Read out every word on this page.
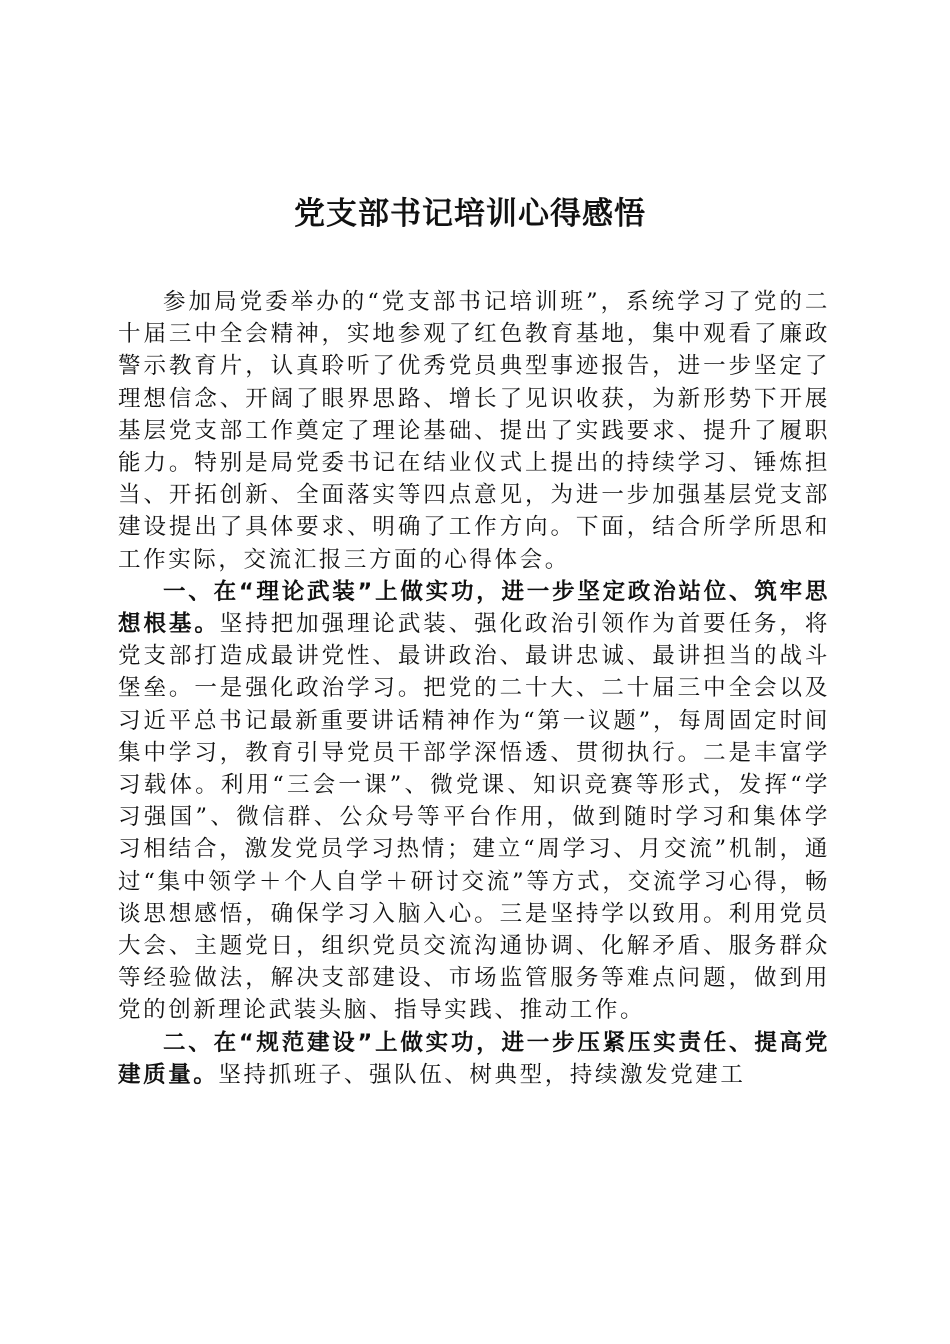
党支部书记培训心得感悟

参加局党委举办的“党支部书记培训班”，系统学习了党的二十届三中全会精神，实地参观了红色教育基地，集中观看了廉政警示教育片，认真聆听了优秀党员典型事迹报告，进一步坚定了理想信念、开阔了眼界思路、增长了见识收获，为新形势下开展基层党支部工作奠定了理论基础、提出了实践要求、提升了履职能力。特别是局党委书记在结业仪式上提出的持续学习、锤炼担当、开拓创新、全面落实等四点意见，为进一步加强基层党支部建设提出了具体要求、明确了工作方向。下面，结合所学所思和工作实际，交流汇报三方面的心得体会。

一、在“理论武装”上做实功，进一步坚定政治站位、筑牢思想根基。坚持把加强理论武装、强化政治引领作为首要任务，将党支部打造成最讲党性、最讲政治、最讲忠诚、最讲担当的战斗堡垒。一是强化政治学习。把党的二十大、二十届三中全会以及习近平总书记最新重要讲话精神作为“第一议题”，每周固定时间集中学习，教育引导党员干部学深悟透、贯彻执行。二是丰富学习载体。利用“三会一课”、微党课、知识竞赛等形式，发挥“学习强国”、微信群、公众号等平台作用，做到随时学习和集体学习相结合，激发党员学习热情；建立“周学习、月交流”机制，通过“集中领学＋个人自学＋研讨交流”等方式，交流学习心得，畅谈思想感悟，确保学习入脑入心。三是坚持学以致用。利用党员大会、主题党日，组织党员交流沟通协调、化解矛盾、服务群众等经验做法，解决支部建设、市场监管服务等难点问题，做到用党的创新理论武装头脑、指导实践、推动工作。

二、在“规范建设”上做实功，进一步压紧压实责任、提高党建质量。坚持抓班子、强队伍、树典型，持续激发党建工
